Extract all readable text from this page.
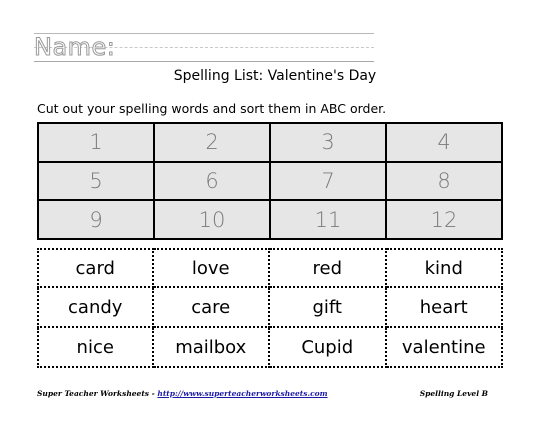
Name:
Spelling List: Valentine's Day
Cut out your spelling words and sort them in ABC order.
1	2	3	4
5	6	7	8
9	10	11	12
card	love	red	kind
candy	care	gift	heart
nice	mailbox	Cupid	valentine
Super Teacher Worksheets - http://www.superteacherworksheets.com	Spelling Level B
